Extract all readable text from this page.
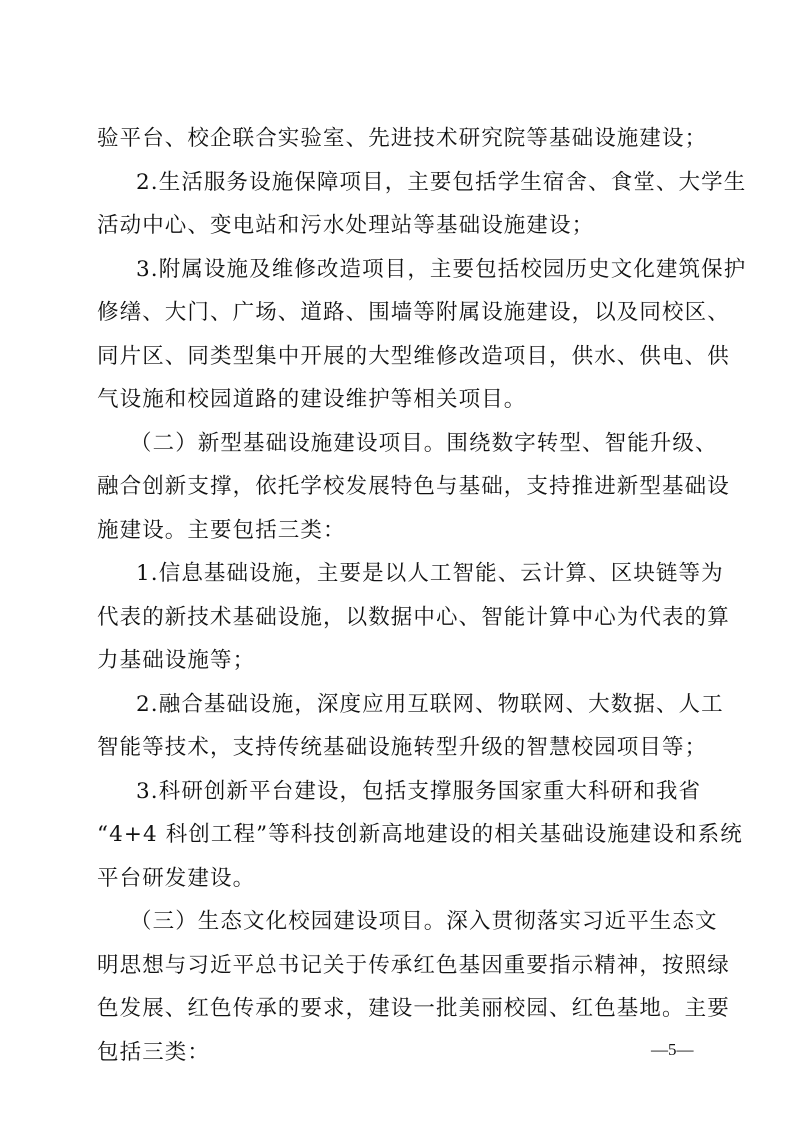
验平台、校企联合实验室、先进技术研究院等基础设施建设；
2.生活服务设施保障项目，主要包括学生宿舍、食堂、大学生
活动中心、变电站和污水处理站等基础设施建设；
3.附属设施及维修改造项目，主要包括校园历史文化建筑保护
修缮、大门、广场、道路、围墙等附属设施建设，以及同校区、
同片区、同类型集中开展的大型维修改造项目，供水、供电、供
气设施和校园道路的建设维护等相关项目。
（二）新型基础设施建设项目。围绕数字转型、智能升级、
融合创新支撑，依托学校发展特色与基础，支持推进新型基础设
施建设。主要包括三类：
1.信息基础设施，主要是以人工智能、云计算、区块链等为
代表的新技术基础设施，以数据中心、智能计算中心为代表的算
力基础设施等；
2.融合基础设施，深度应用互联网、物联网、大数据、人工
智能等技术，支持传统基础设施转型升级的智慧校园项目等；
3.科研创新平台建设，包括支撑服务国家重大科研和我省
“4+4 科创工程”等科技创新高地建设的相关基础设施建设和系统
平台研发建设。
（三）生态文化校园建设项目。深入贯彻落实习近平生态文
明思想与习近平总书记关于传承红色基因重要指示精神，按照绿
色发展、红色传承的要求，建设一批美丽校园、红色基地。主要
—5—
包括三类：
